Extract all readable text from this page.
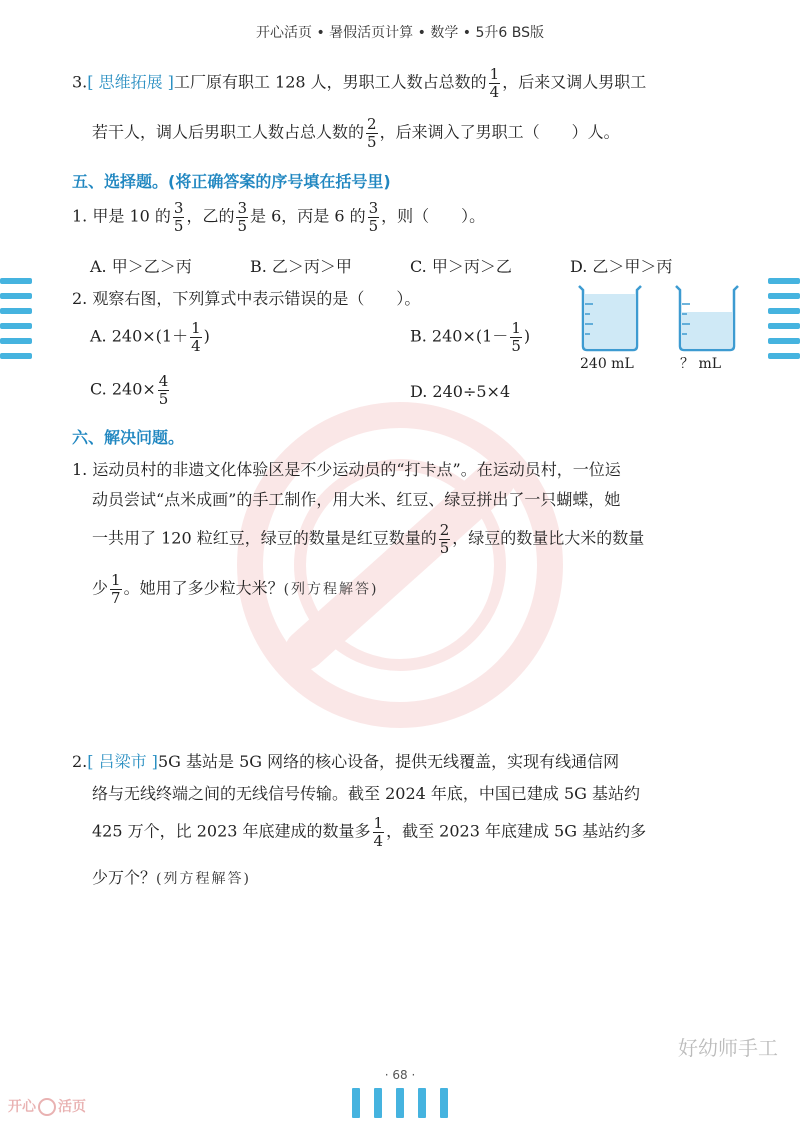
开心活页 • 暑假活页计算 • 数学 • 5升6 BS版
3.[ 思维拓展 ]工厂原有职工 128 人，男职工人数占总数的 $\frac{1}{4}$ ，后来又调人男职工
若干人，调人后男职工人数占总人数的 $\frac{2}{5}$ ，后来调入了男职工（　　）人。
五、选择题。(将正确答案的序号填在括号里)
1. 甲是 10 的 $\frac{3}{5}$ ，乙的 $\frac{3}{5}$ 是 6，丙是 6 的 $\frac{3}{5}$ ，则（　　）。
A. 甲＞乙＞丙	B. 乙＞丙＞甲	C. 甲＞丙＞乙	D. 乙＞甲＞丙
2. 观察右图，下列算式中表示错误的是（　　）。
A. $240\times(1+ \frac{1}{4}$ )	B. $240\times(1- \frac{1}{5}$ )
C. $240\times \frac{4}{5}$	D. 240÷5×4
240 mL	？ mL
六、解决问题。
1. 运动员村的非遗文化体验区是不少运动员的“打卡点”。在运动员村，一位运
动员尝试“点米成画”的手工制作，用大米、红豆、绿豆拼出了一只蝴蝶，她
一共用了 120 粒红豆，绿豆的数量是红豆数量的 $\frac{2}{5}$ ，绿豆的数量比大米的数量
少 $\frac{1}{7}$ 。她用了多少粒大米？(列方程解答)
2.[ 吕梁市 ]5G 基站是 5G 网络的核心设备，提供无线覆盖，实现有线通信网
络与无线终端之间的无线信号传输。截至 2024 年底，中国已建成 5G 基站约
425 万个，比 2023 年底建成的数量多 $\frac{1}{4}$ ，截至 2023 年底建成 5G 基站约多
少万个？(列方程解答)
好幼师手工
· 68 ·
开心 活页
